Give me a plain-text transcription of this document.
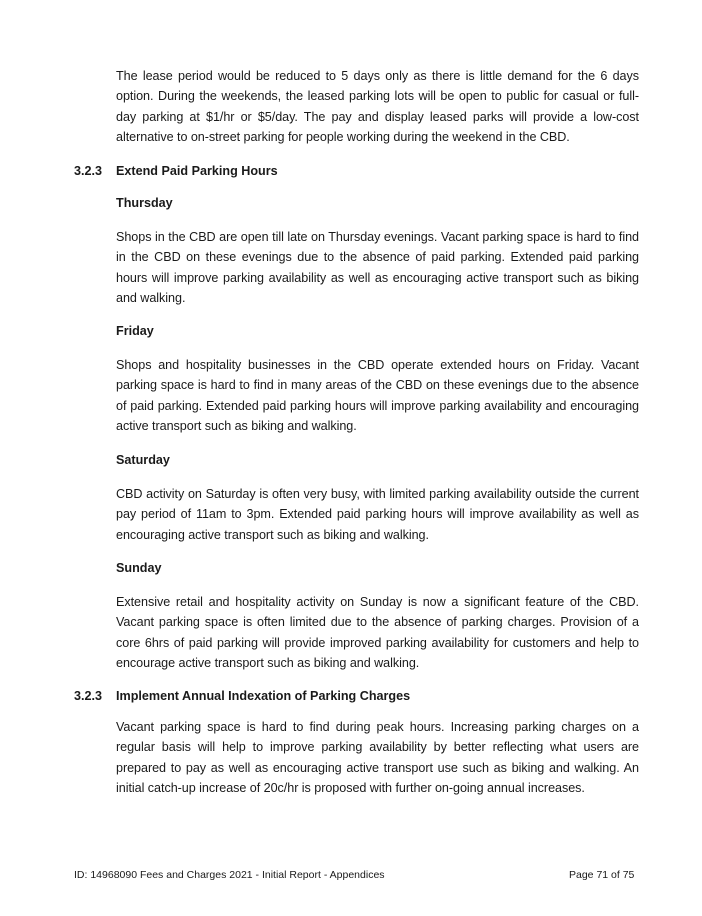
The lease period would be reduced to 5 days only as there is little demand for the 6 days option. During the weekends, the leased parking lots will be open to public for casual or full-day parking at $1/hr or $5/day. The pay and display leased parks will provide a low-cost alternative to on-street parking for people working during the weekend in the CBD.

3.2.3 Extend Paid Parking Hours

Thursday

Shops in the CBD are open till late on Thursday evenings. Vacant parking space is hard to find in the CBD on these evenings due to the absence of paid parking. Extended paid parking hours will improve parking availability as well as encouraging active transport such as biking and walking.

Friday

Shops and hospitality businesses in the CBD operate extended hours on Friday. Vacant parking space is hard to find in many areas of the CBD on these evenings due to the absence of paid parking. Extended paid parking hours will improve parking availability and encouraging active transport such as biking and walking.

Saturday

CBD activity on Saturday is often very busy, with limited parking availability outside the current pay period of 11am to 3pm. Extended paid parking hours will improve availability as well as encouraging active transport such as biking and walking.

Sunday

Extensive retail and hospitality activity on Sunday is now a significant feature of the CBD. Vacant parking space is often limited due to the absence of parking charges. Provision of a core 6hrs of paid parking will provide improved parking availability for customers and help to encourage active transport such as biking and walking.

3.2.3 Implement Annual Indexation of Parking Charges

Vacant parking space is hard to find during peak hours. Increasing parking charges on a regular basis will help to improve parking availability by better reflecting what users are prepared to pay as well as encouraging active transport use such as biking and walking. An initial catch-up increase of 20c/hr is proposed with further on-going annual increases.

ID: 14968090 Fees and Charges 2021 - Initial Report - Appendices	Page 71 of 75
